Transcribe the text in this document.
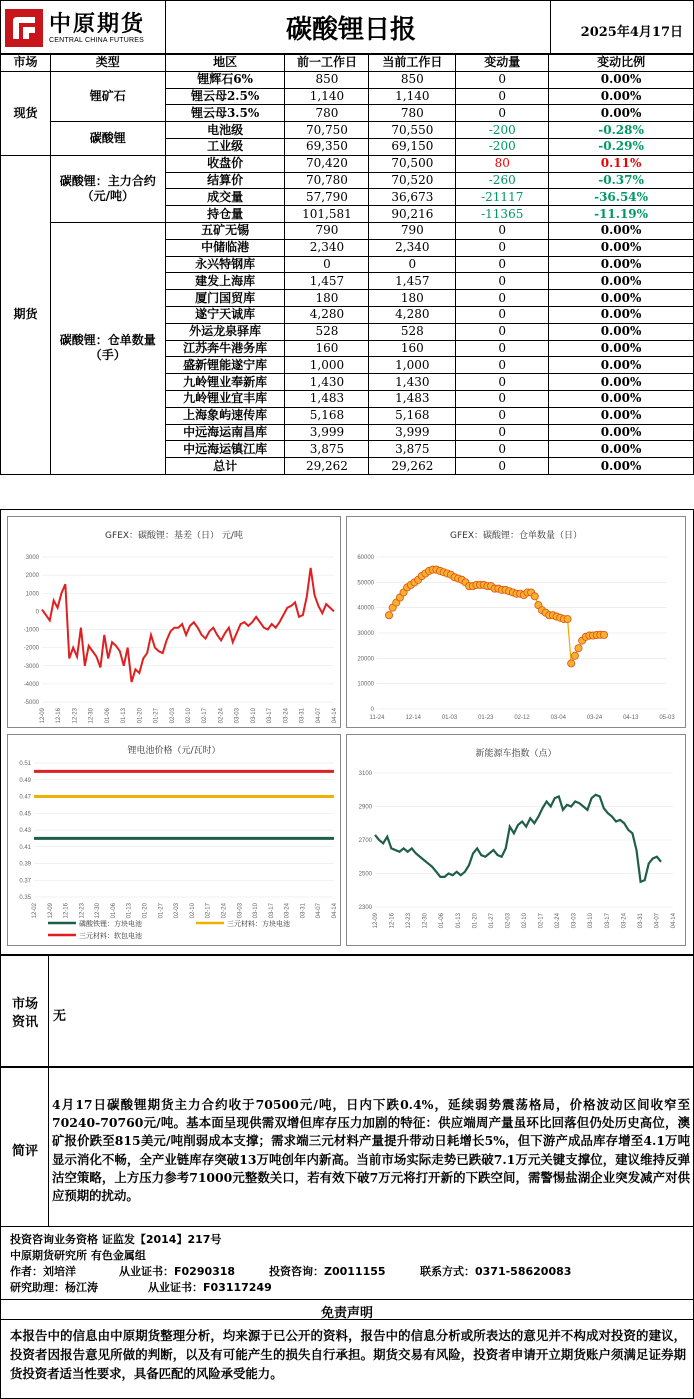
中原期货
CENTRAL CHINA FUTURES	碳酸锂日报	2025年4月17日
市场	类型	地区	前一工作日	当前工作日	变动量	变动比例
现货	锂矿石	锂辉石6%	850	850	0	0.00%
		锂云母2.5%	1,140	1,140	0	0.00%
		锂云母3.5%	780	780	0	0.00%
	碳酸锂	电池级	70,750	70,550	-200	-0.28%
		工业级	69,350	69,150	-200	-0.29%
期货	碳酸锂：主力合约（元/吨）	收盘价	70,420	70,500	80	0.11%
		结算价	70,780	70,520	-260	-0.37%
		成交量	57,790	36,673	-21117	-36.54%
		持仓量	101,581	90,216	-11365	-11.19%
	碳酸锂：仓单数量（手）	五矿无锡	790	790	0	0.00%
		中储临港	2,340	2,340	0	0.00%
		永兴特钢库	0	0	0	0.00%
		建发上海库	1,457	1,457	0	0.00%
		厦门国贸库	180	180	0	0.00%
		遂宁天诚库	4,280	4,280	0	0.00%
		外运龙泉驿库	528	528	0	0.00%
		江苏奔牛港务库	160	160	0	0.00%
		盛新锂能遂宁库	1,000	1,000	0	0.00%
		九岭锂业奉新库	1,430	1,430	0	0.00%
		九岭锂业宜丰库	1,483	1,483	0	0.00%
		上海象屿速传库	5,168	5,168	0	0.00%
		中远海运南昌库	3,999	3,999	0	0.00%
		中远海运镇江库	3,875	3,875	0	0.00%
		总计	29,262	29,262	0	0.00%
GFEX：碳酸锂：基差（日） 元/吨
3000
2000
1000
0
-1000
-2000
-3000
-4000
-5000
12-09 12-16 12-23 12-30 01-06 01-13 01-20 01-27 02-03 02-10 02-17 02-24 03-03 03-10 03-17 03-24 03-31 04-07 04-14
GFEX：碳酸锂：仓单数量（日）
60000
50000
40000
30000
20000
10000
0
11-24	12-14	01-03	01-23	02-12	03-04	03-24	04-13	05-03
锂电池价格（元/瓦时）
0.51
0.49
0.47
0.45
0.43
0.41
0.39
0.37
0.35
12-02 12-09 12-16 12-23 12-30 01-06 01-13 01-20 01-27 02-03 02-10 02-17 02-24 03-03 03-10 03-17 03-24 03-31 04-07 04-14
磷酸铁锂：方块电池	三元材料：方块电池
三元材料：软包电池
新能源车指数（点）
3100
2900
2700
2500
2300
12-09 12-16 12-23 12-30 01-06 01-13 01-20 01-27 02-03 02-10 02-17 02-24 03-03 03-10 03-17 03-24 03-31 04-07 04-14
市场资讯	无
简评
4月17日碳酸锂期货主力合约收于70500元/吨，日内下跌0.4%，延续弱势震荡格局，价格波动区间收窄至70240-70760元/吨。基本面呈现供需双增但库存压力加剧的特征：供应端周产量虽环比回落但仍处历史高位，澳矿报价跌至815美元/吨削弱成本支撑；需求端三元材料产量提升带动日耗增长5%，但下游产成品库存增至4.1万吨显示消化不畅，全产业链库存突破13万吨创年内新高。当前市场实际走势已跌破7.1万元关键支撑位，建议维持反弹沽空策略，上方压力参考71000元整数关口，若有效下破7万元将打开新的下跌空间，需警惕盐湖企业突发减产对供应预期的扰动。
投资咨询业务资格 证监发【2014】217号
中原期货研究所 有色金属组
作者：刘培洋	从业证书：F0290318	投资咨询：Z0011155	联系方式：0371-58620083
研究助理：杨江涛	从业证书：F03117249
免责声明
本报告中的信息由中原期货整理分析，均来源于已公开的资料，报告中的信息分析或所表达的意见并不构成对投资的建议，投资者因报告意见所做的判断，以及有可能产生的损失自行承担。期货交易有风险，投资者申请开立期货账户须满足证券期货投资者适当性要求，具备匹配的风险承受能力。
